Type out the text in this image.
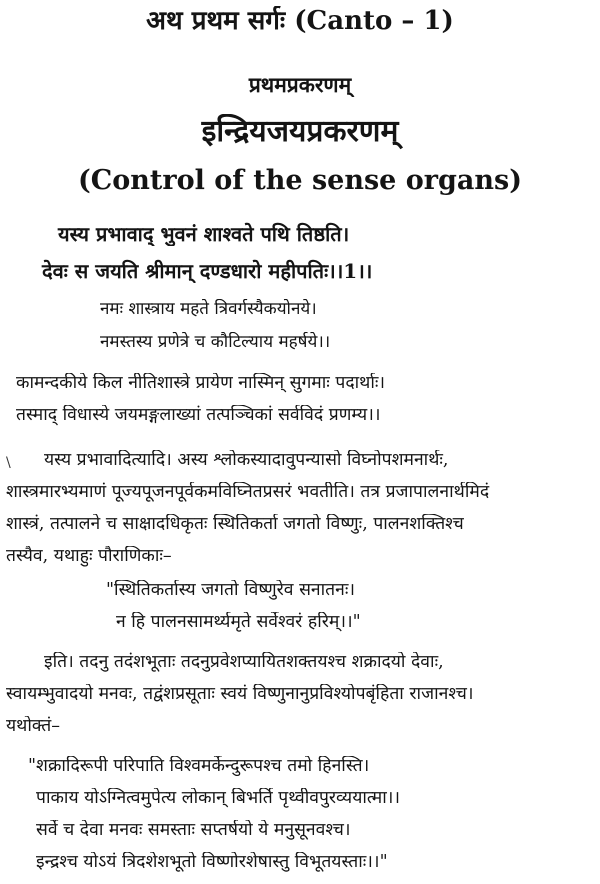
अथ प्रथम सर्गः (Canto – 1)
प्रथमप्रकरणम्
इन्द्रियजयप्रकरणम्
(Control of the sense organs)
यस्य प्रभावाद् भुवनं शाश्वते पथि तिष्ठति।
देवः स जयति श्रीमान् दण्डधारो महीपतिः।।1।।
नमः शास्त्राय महते त्रिवर्गस्यैकयोनये।
नमस्तस्य प्रणेत्रे च कौटिल्याय महर्षये।।
कामन्दकीये किल नीतिशास्त्रे प्रायेण नास्मिन् सुगमाः पदार्थाः।
तस्माद् विधास्ये जयमङ्गलाख्यां तत्पञ्चिकां सर्वविदं प्रणम्य।।
\	यस्य प्रभावादित्यादि। अस्य श्लोकस्यादावुपन्यासो विघ्नोपशमनार्थः,
शास्त्रमारभ्यमाणं पूज्यपूजनपूर्वकमविघ्नितप्रसरं भवतीति। तत्र प्रजापालनार्थमिदं
शास्त्रं, तत्पालने च साक्षादधिकृतः स्थितिकर्ता जगतो विष्णुः, पालनशक्तिश्च
तस्यैव, यथाहुः पौराणिकाः–
"स्थितिकर्तास्य जगतो विष्णुरेव सनातनः।
न हि पालनसामर्थ्यमृते सर्वेश्वरं हरिम्।।"
इति। तदनु तदंशभूताः तदनुप्रवेशप्यायितशक्तयश्च शक्रादयो देवाः,
स्वायम्भुवादयो मनवः, तद्वंशप्रसूताः स्वयं विष्णुनानुप्रविश्योपबृंहिता राजानश्च।
यथोक्तं–
"शक्रादिरूपी परिपाति विश्वमर्केन्दुरूपश्च तमो हिनस्ति।
पाकाय योऽग्नित्वमुपेत्य लोकान् बिभर्ति पृथ्वीवपुरव्ययात्मा।।
सर्वे च देवा मनवः समस्ताः सप्तर्षयो ये मनुसूनवश्च।
इन्द्रश्च योऽयं त्रिदशेशभूतो विष्णोरशेषास्तु विभूतयस्ताः।।"
